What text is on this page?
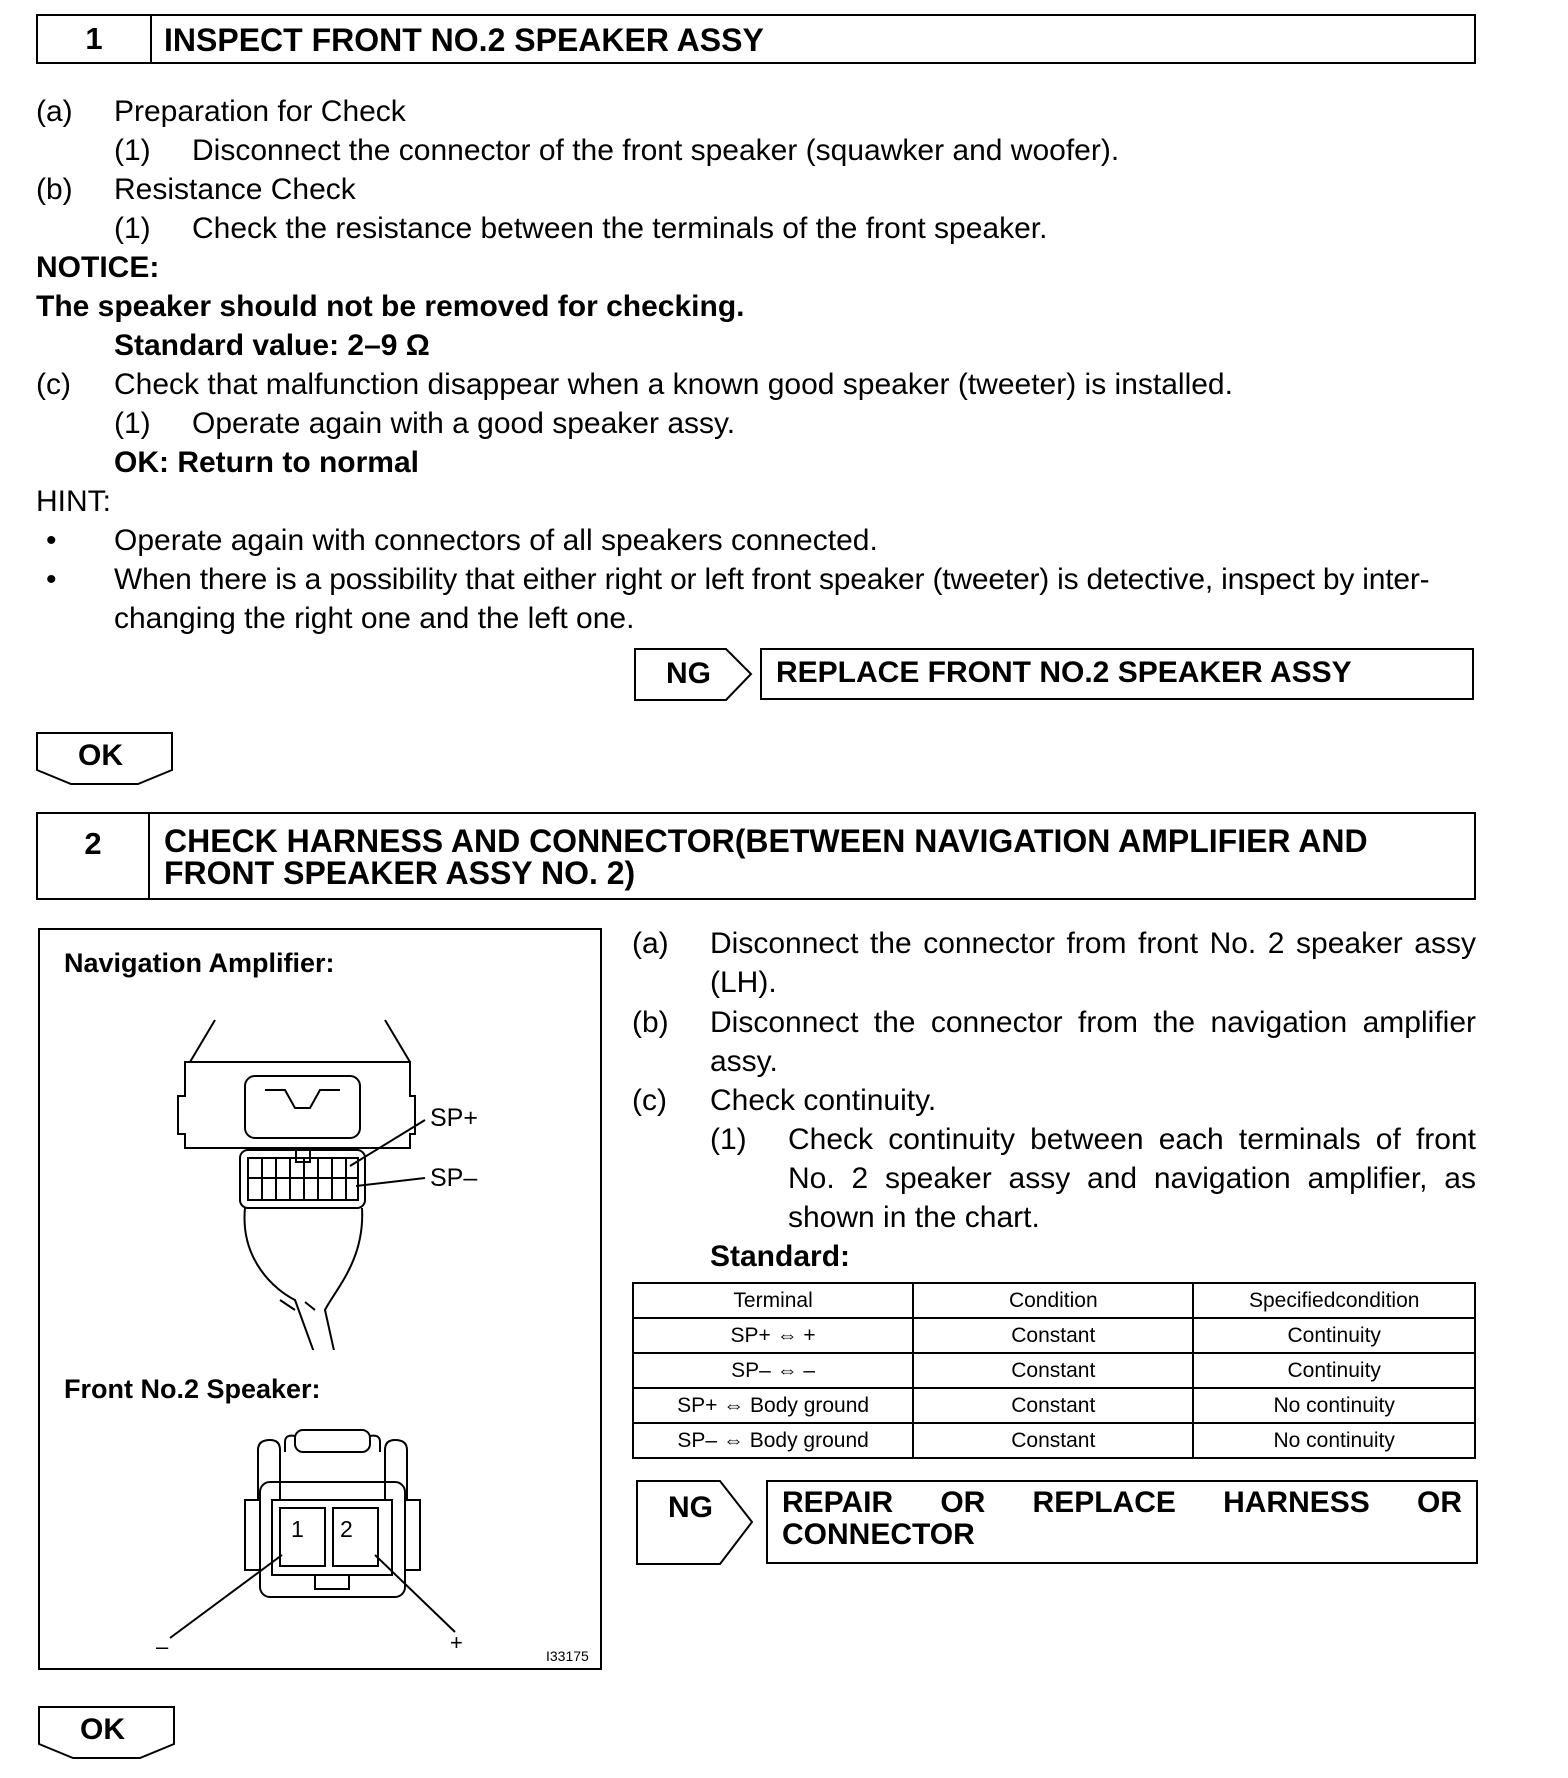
1	INSPECT FRONT NO.2 SPEAKER ASSY
(a) Preparation for Check
(1) Disconnect the connector of the front speaker (squawker and woofer).
(b) Resistance Check
(1) Check the resistance between the terminals of the front speaker.
NOTICE:
The speaker should not be removed for checking.
Standard value: 2–9 Ω
(c) Check that malfunction disappear when a known good speaker (tweeter) is installed.
(1) Operate again with a good speaker assy.
OK: Return to normal
HINT:
• Operate again with connectors of all speakers connected.
• When there is a possibility that either right or left front speaker (tweeter) is detective, inspect by inter-
changing the right one and the left one.
NG REPLACE FRONT NO.2 SPEAKER ASSY
OK
2	CHECK HARNESS AND CONNECTOR(BETWEEN NAVIGATION AMPLIFIER AND
FRONT SPEAKER ASSY NO. 2)
Navigation Amplifier:
SP+
SP–
Front No.2 Speaker:
1 2
–	+
I33175
(a) Disconnect the connector from front No. 2 speaker assy
(LH).
(b) Disconnect the connector from the navigation amplifier
assy.
(c) Check continuity.
(1) Check continuity between each terminals of front
No. 2 speaker assy and navigation amplifier, as
shown in the chart.
Standard:
Terminal	Condition	Specifiedcondition
SP+ ⇔ +	Constant	Continuity
SP– ⇔ –	Constant	Continuity
SP+ ⇔ Body ground	Constant	No continuity
SP– ⇔ Body ground	Constant	No continuity
NG REPAIR OR REPLACE HARNESS OR
CONNECTOR
OK
